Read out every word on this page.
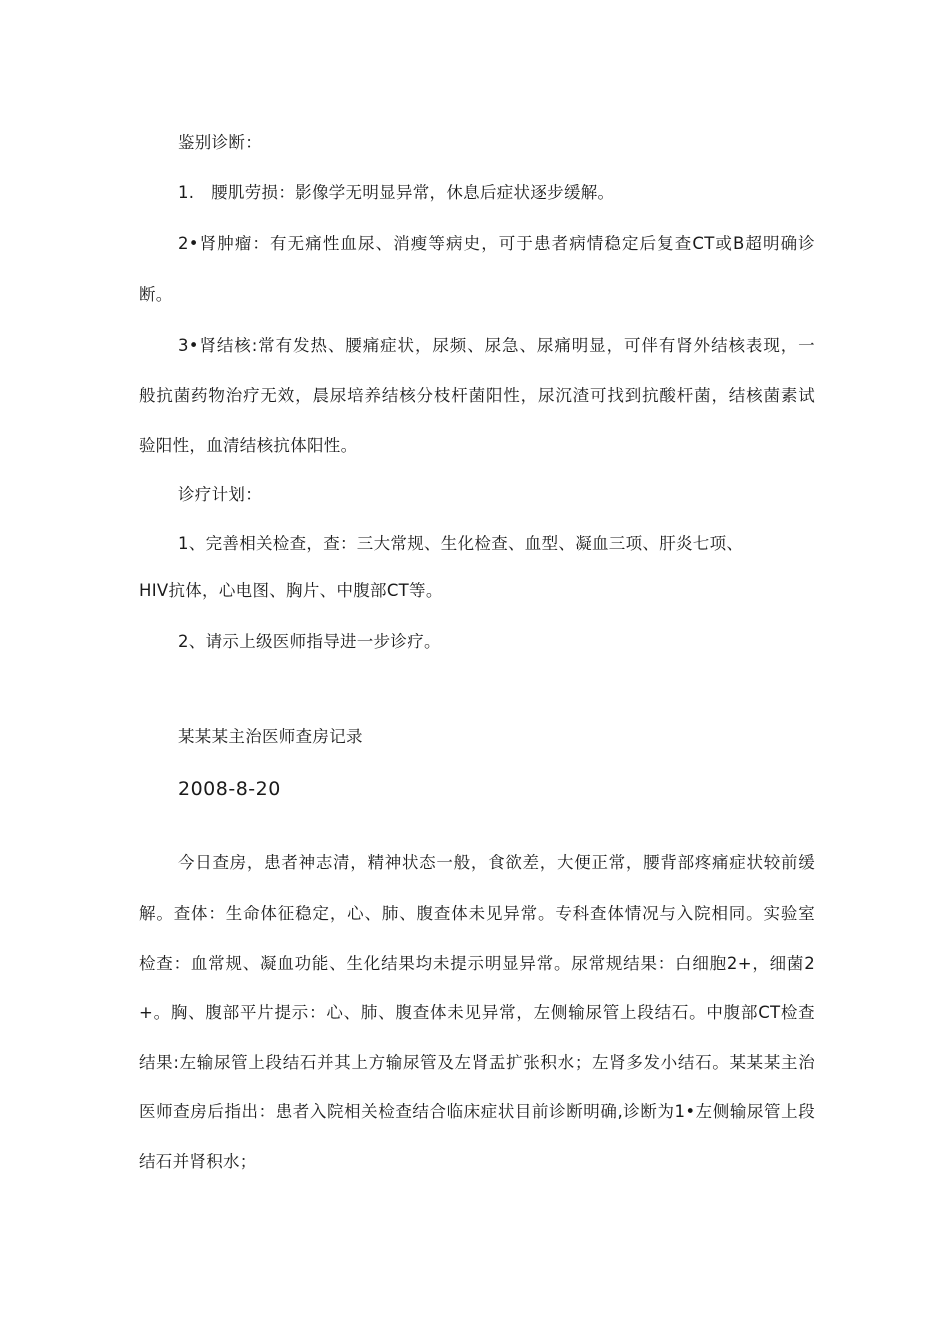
鉴别诊断：
1.　腰肌劳损：影像学无明显异常，休息后症状逐步缓解。
2•肾肿瘤：有无痛性血尿、消瘦等病史，可于患者病情稳定后复查CT或B超明确诊
断。
3•肾结核:常有发热、腰痛症状，尿频、尿急、尿痛明显，可伴有肾外结核表现，一
般抗菌药物治疗无效，晨尿培养结核分枝杆菌阳性，尿沉渣可找到抗酸杆菌，结核菌素试
验阳性，血清结核抗体阳性。
诊疗计划：
1、完善相关检查，查：三大常规、生化检查、血型、凝血三项、肝炎七项、
HIV抗体，心电图、胸片、中腹部CT等。
2、请示上级医师指导进一步诊疗。
某某某主治医师查房记录
2008-8-20
今日查房，患者神志清，精神状态一般，食欲差，大便正常，腰背部疼痛症状较前缓
解。查体：生命体征稳定，心、肺、腹查体未见异常。专科查体情况与入院相同。实验室
检查：血常规、凝血功能、生化结果均未提示明显异常。尿常规结果：白细胞2+，细菌2
+。胸、腹部平片提示：心、肺、腹查体未见异常，左侧输尿管上段结石。中腹部CT检查
结果:左输尿管上段结石并其上方输尿管及左肾盂扩张积水；左肾多发小结石。某某某主治
医师查房后指出：患者入院相关检查结合临床症状目前诊断明确,诊断为1•左侧输尿管上段
结石并肾积水；
